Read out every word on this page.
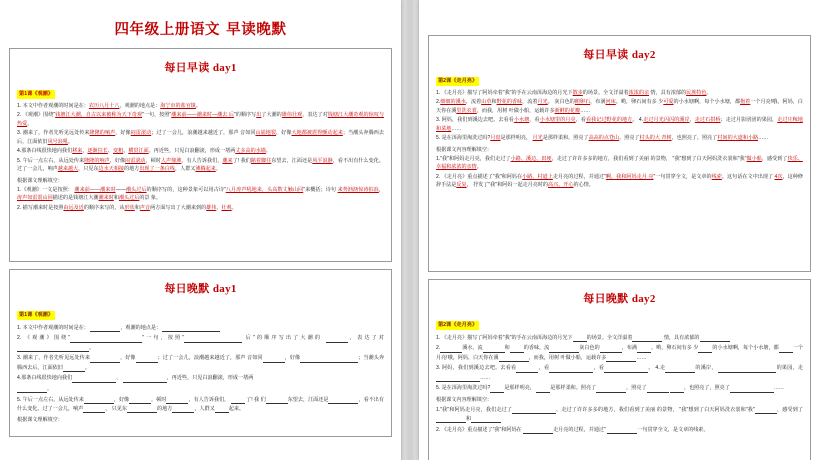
四年级上册语文 早读晚默
每日早读 day1
第1课《观潮》
1. 本文中作者观潮的时间是在：农历八月十八，观潮的地点是：海宁市的盐官镇。
2. 《观潮》围绕"钱塘江大潮，自古以来被称为天下奇观"一句，按照"潮来前——潮来时—潮去 后"的顺序写出了大潮的雄伟壮观，表达了对钱塘江大潮奇观的惊叹与热爱。
3. 潮来了，作者先听见远处传来隆隆的响声，好像闷雷滚动；过了一会儿，浪潮越来越近了，那声 音如同山崩地裂，好像大地都被震得颤动起来；当潮头奔腾西去后，江面依旧风号浪吼。
4.那条白线很快地向我们移来，逐渐拉长、变粗、横贯江面。再近些，只见白浪翻滚，形成一堵两丈多高的水墙。
5. 午后一点左右，从远处传来隆隆的响声，好像闷雷滚动，顿时人声鼎沸，有人告诉我们，潮来了! 我们踮着脚往东望去，江面还是风平浪静，看不出有什么变化。过了一会儿，响声越来越大，只见东边水天相接的地方出现了一条白线，人群又沸腾起来。
根据课文理解填空：
1.《观潮》一文是按照： 潮来前——潮来时——潮头过后的顺序写的，这种景象可以用古诗"八月涛声吼地来，头高数丈触山回"来概括；诗句 来势汹汹惊涛拍浪，涛声如雷震山回描述的是钱塘江大潮潮来时和潮头过后的景 象。
2. 描写潮来时是按照由远及近的顺序来写的，从形状和声音两方面写出了大潮来到的雄伟、壮观。
每日晚默 day1
第1课《观潮》
1. 本文中作者观潮的时间是在：	，观潮的地点是：
2. 《观潮》围绕"	"一句，按照"	后"的顺序写出了大潮的	，表达了对 。
3. 潮来了，作者先听见远处传来	，好像	；过了一会儿，浪潮越来越近了，那声 音如同	，好像	；当潮头奔腾西去后，江面依旧	。
4.那条白线很快地向我们	，	，再近些，只见白浪翻滚，形成一堵两
。
5. 午后一点左右，从远处传来	，好像	，顿时	，有人告诉我们，	了! 我 们	东望去，江面还是	，看不出有什么变化。过了一会儿，响声	， 只见东	的地方	，人群又	起来。
根据课文理解填空：
每日早读 day2
第2课《走月亮》
1. 《走月亮》描写了阿妈牵着"我"的手在云南洱海边的月光下散步的场景。全文洋溢着浓浓的亲 情，具有浓郁的民族特色。
2.细细的溪水，流着山草和野花的香味，流着月光。 灰白色的鹅卵石，布满河床。哟，卵石间有多 少可爱的小水塘啊，每个小水塘，都抱着一个月亮!哦，阿妈，白天你在溪里洗衣裳，而我，用树 叶做小船，运载许多新鲜的花瓣……
3. 阿妈，我们到溪边去吧。去看看小水塘，看小水塘里的月亮，看看我记过野花的地方。 4.走过月光闪闪的溪岸，走过石拱桥；走过月影团团的果园，走过庄稼地和菜地……
5. 是在洱海里淘洗过吗?月盘是那样明亮， 月光是那样柔和。照亮了高高的点苍山。照亮了村头的大 青树，也照亮了，照亮了村间的大道和小路……
根据课文内容理解填空：
1."我"和阿妈走月亮，我们走过了小路、溪边、田埂，走过了许许多多的地方，我们看到了美丽 的景物， "我"想到了白天阿妈洗衣裳和"我"做小船，感受到了快乐、幸福和浓浓的亲情。
2. 《走月亮》重点描述了"我"和阿妈在小路、村道上走月亮的过程，并通过"啊，我和阿妈走月 亮"一句贯穿全文，是文章的线索。这句话在文中出现了 4次，这种修辞手法是反复， 抒发了"我"和阿妈一起走月亮时的高兴、开心的心情。
每日晚默 day2
第2课《走月亮》
1. 《走月亮》描写了阿妈牵着"我"的手在云南洱海边的月光下	的场景。全文洋溢着	情，具有浓郁的
2.	溪水，流	和	的香味，流	灰白色的	，布满	。哟，卵石间有多 少	的小水塘啊，每个小水塘，都	一个月亮!哦，阿妈，白天你在溪	，而我，用树 叶做小船，运载许多	……
3. 阿妈，我们到溪边去吧。去看看	，看	，看	。 4.走	的溪岸，	的果园，走 ……
5. 是在洱海里淘洗过吗?	是那样明亮，	是那样柔和。照亮了	，照亮了	，也照亮了，照亮了	……
根据课文内容理解填空：
1."我"和阿妈走月亮，我们走过了	，走过了许许多多的地方，我们看到了美丽 的景物， "我"想到了白天阿妈洗衣裳和"我"	，感受到了 和
2. 《走月亮》重点描述了"我"和阿妈在	走月亮的过程，并通过"	一句贯穿全文，是文章的线索。
